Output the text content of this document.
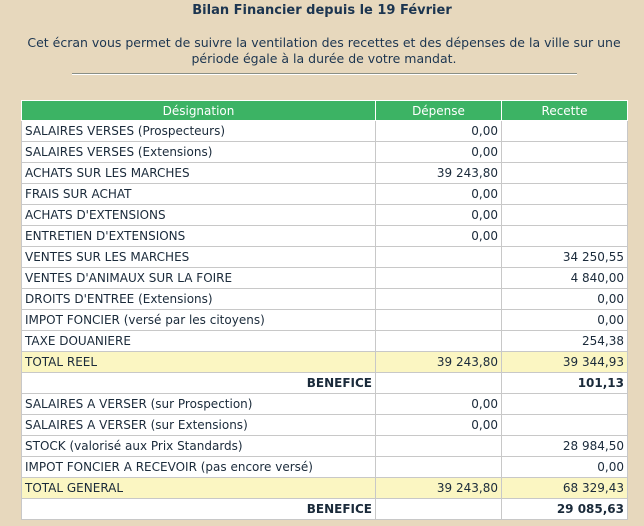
Bilan Financier depuis le 19 Février
Cet écran vous permet de suivre la ventilation des recettes et des dépenses de la ville sur une
période égale à la durée de votre mandat.
Désignation	Dépense	Recette
SALAIRES VERSES (Prospecteurs)	0,00	
SALAIRES VERSES (Extensions)	0,00	
ACHATS SUR LES MARCHES	39 243,80	
FRAIS SUR ACHAT	0,00	
ACHATS D'EXTENSIONS	0,00	
ENTRETIEN D'EXTENSIONS	0,00	
VENTES SUR LES MARCHES		34 250,55
VENTES D'ANIMAUX SUR LA FOIRE		4 840,00
DROITS D'ENTREE (Extensions)		0,00
IMPOT FONCIER (versé par les citoyens)		0,00
TAXE DOUANIERE		254,38
TOTAL REEL	39 243,80	39 344,93
BENEFICE		101,13
SALAIRES A VERSER (sur Prospection)	0,00	
SALAIRES A VERSER (sur Extensions)	0,00	
STOCK (valorisé aux Prix Standards)		28 984,50
IMPOT FONCIER A RECEVOIR (pas encore versé)		0,00
TOTAL GENERAL	39 243,80	68 329,43
BENEFICE		29 085,63
